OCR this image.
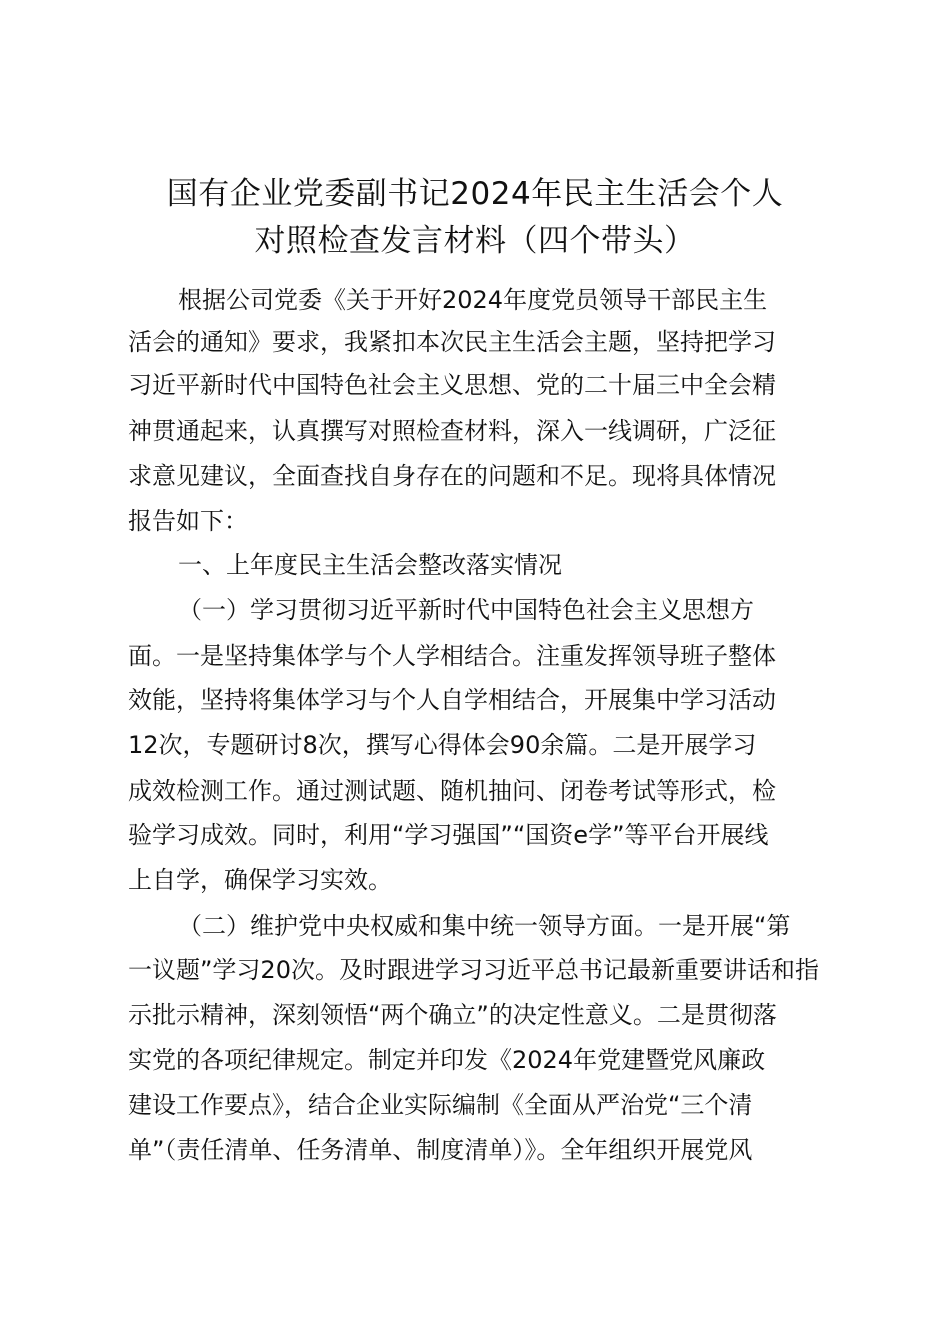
国有企业党委副书记2024年民主生活会个人
对照检查发言材料（四个带头）
根据公司党委《关于开好2024年度党员领导干部民主生
活会的通知》要求，我紧扣本次民主生活会主题，坚持把学习
习近平新时代中国特色社会主义思想、党的二十届三中全会精
神贯通起来，认真撰写对照检查材料，深入一线调研，广泛征
求意见建议，全面查找自身存在的问题和不足。现将具体情况
报告如下：
一、上年度民主生活会整改落实情况
（一）学习贯彻习近平新时代中国特色社会主义思想方
面。一是坚持集体学与个人学相结合。注重发挥领导班子整体
效能，坚持将集体学习与个人自学相结合，开展集中学习活动
12次，专题研讨8次，撰写心得体会90余篇。二是开展学习
成效检测工作。通过测试题、随机抽问、闭卷考试等形式，检
验学习成效。同时，利用“学习强国”“国资e学”等平台开展线
上自学，确保学习实效。
（二）维护党中央权威和集中统一领导方面。一是开展“第
一议题”学习20次。及时跟进学习习近平总书记最新重要讲话和指
示批示精神，深刻领悟“两个确立”的决定性意义。二是贯彻落
实党的各项纪律规定。制定并印发《2024年党建暨党风廉政
建设工作要点》，结合企业实际编制《全面从严治党“三个清
单”（责任清单、任务清单、制度清单）》。全年组织开展党风
